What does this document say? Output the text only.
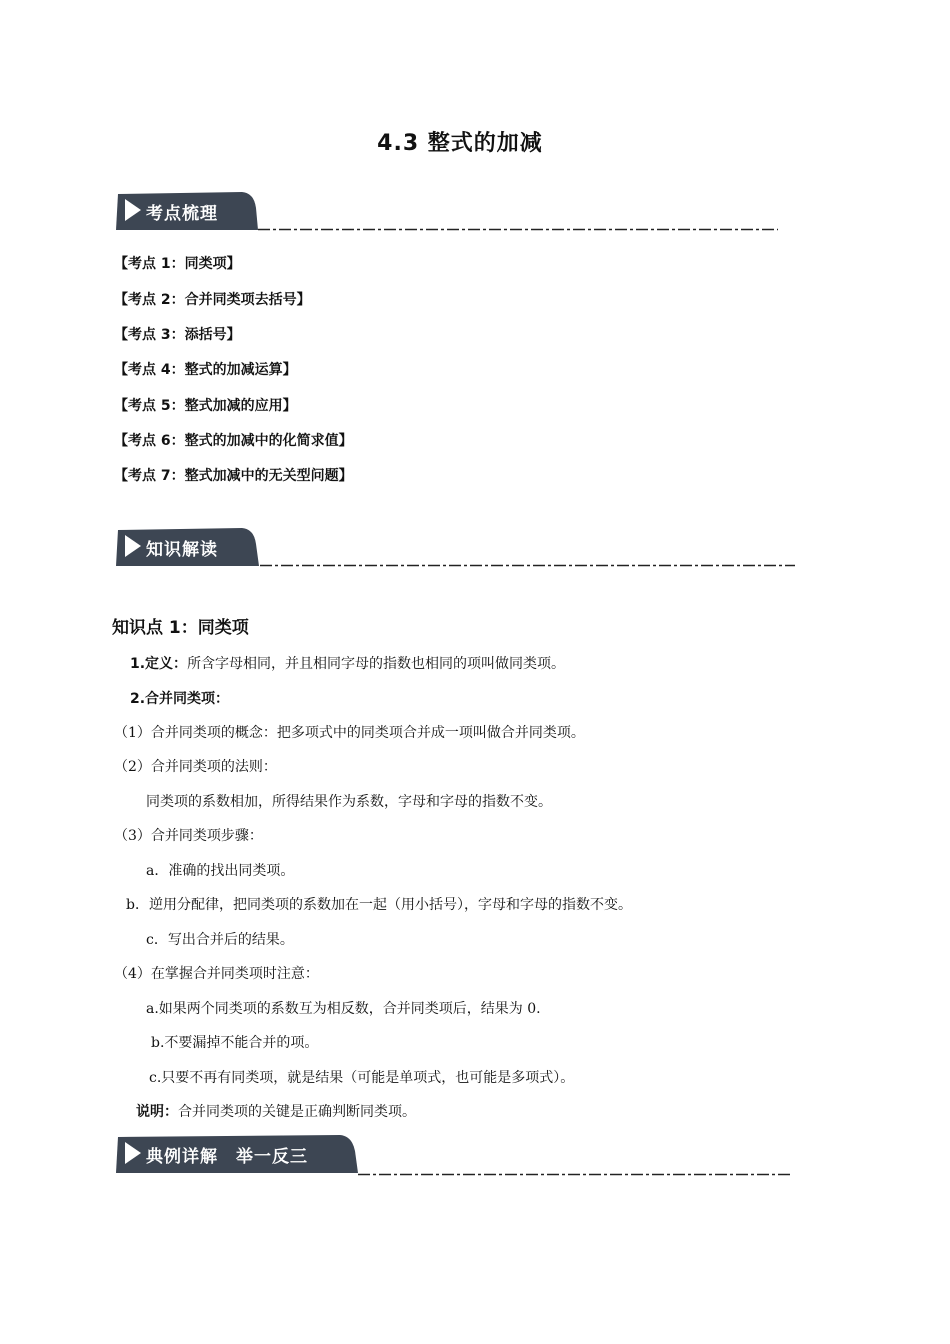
4.3 整式的加减
考点梳理
【考点 1：同类项】
【考点 2：合并同类项去括号】
【考点 3：添括号】
【考点 4：整式的加减运算】
【考点 5：整式加减的应用】
【考点 6：整式的加减中的化简求值】
【考点 7：整式加减中的无关型问题】
知识解读
知识点 1：同类项
1.定义：所含字母相同，并且相同字母的指数也相同的项叫做同类项。
2.合并同类项：
（1）合并同类项的概念：把多项式中的同类项合并成一项叫做合并同类项。
（2）合并同类项的法则：
同类项的系数相加，所得结果作为系数，字母和字母的指数不变。
（3）合并同类项步骤：
a．准确的找出同类项。
b．逆用分配律，把同类项的系数加在一起（用小括号），字母和字母的指数不变。
c．写出合并后的结果。
（4）在掌握合并同类项时注意：
a.如果两个同类项的系数互为相反数，合并同类项后，结果为 0.
b.不要漏掉不能合并的项。
c.只要不再有同类项，就是结果（可能是单项式，也可能是多项式）。
说明：合并同类项的关键是正确判断同类项。
典例详解　举一反三
